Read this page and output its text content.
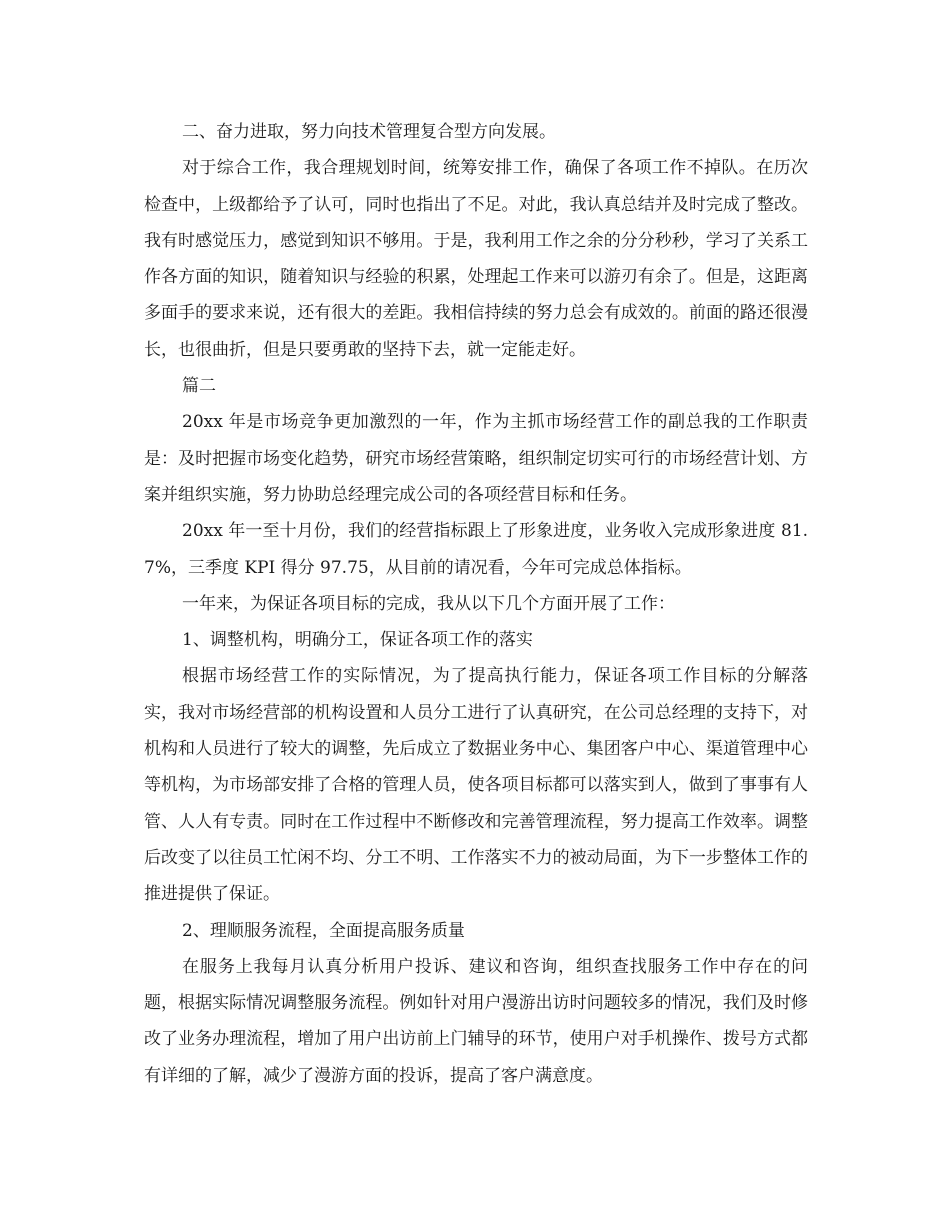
二、奋力进取，努力向技术管理复合型方向发展。

对于综合工作，我合理规划时间，统筹安排工作，确保了各项工作不掉队。在历次检查中，上级都给予了认可，同时也指出了不足。对此，我认真总结并及时完成了整改。我有时感觉压力，感觉到知识不够用。于是，我利用工作之余的分分秒秒，学习了关系工作各方面的知识，随着知识与经验的积累，处理起工作来可以游刃有余了。但是，这距离多面手的要求来说，还有很大的差距。我相信持续的努力总会有成效的。前面的路还很漫长，也很曲折，但是只要勇敢的坚持下去，就一定能走好。

篇二

20xx 年是市场竞争更加激烈的一年，作为主抓市场经营工作的副总我的工作职责是：及时把握市场变化趋势，研究市场经营策略，组织制定切实可行的市场经营计划、方案并组织实施，努力协助总经理完成公司的各项经营目标和任务。

20xx 年一至十月份，我们的经营指标跟上了形象进度，业务收入完成形象进度 81.7%，三季度 KPI 得分 97.75，从目前的请况看，今年可完成总体指标。

一年来，为保证各项目标的完成，我从以下几个方面开展了工作：

1、调整机构，明确分工，保证各项工作的落实

根据市场经营工作的实际情况，为了提高执行能力，保证各项工作目标的分解落实，我对市场经营部的机构设置和人员分工进行了认真研究，在公司总经理的支持下，对机构和人员进行了较大的调整，先后成立了数据业务中心、集团客户中心、渠道管理中心等机构，为市场部安排了合格的管理人员，使各项目标都可以落实到人，做到了事事有人管、人人有专责。同时在工作过程中不断修改和完善管理流程，努力提高工作效率。调整后改变了以往员工忙闲不均、分工不明、工作落实不力的被动局面，为下一步整体工作的推进提供了保证。

2、理顺服务流程，全面提高服务质量

在服务上我每月认真分析用户投诉、建议和咨询，组织查找服务工作中存在的问题，根据实际情况调整服务流程。例如针对用户漫游出访时问题较多的情况，我们及时修改了业务办理流程，增加了用户出访前上门辅导的环节，使用户对手机操作、拨号方式都有详细的了解，减少了漫游方面的投诉，提高了客户满意度。
